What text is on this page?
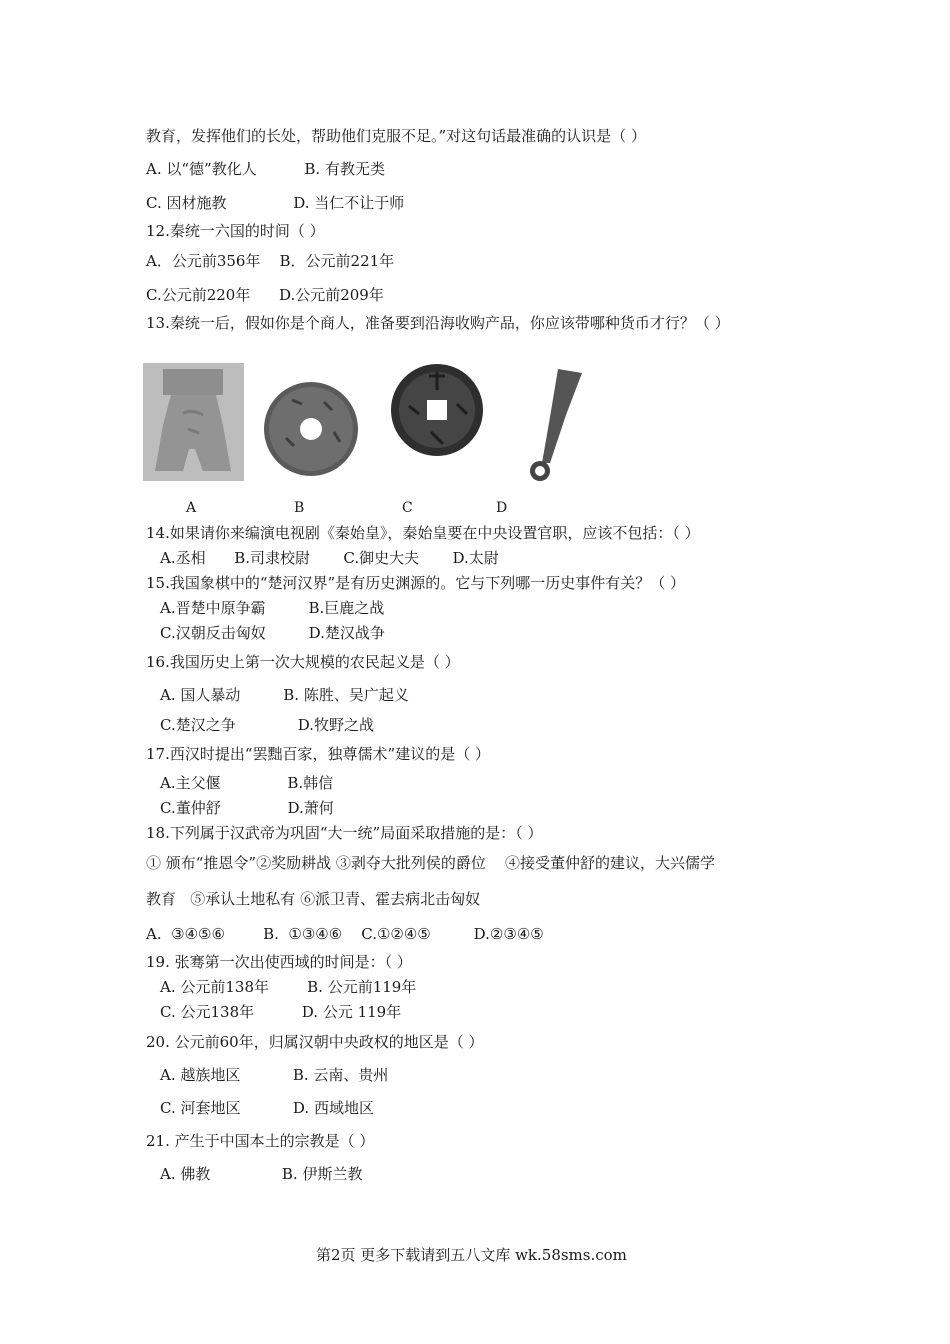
教育，发挥他们的长处，帮助他们克服不足。”对这句话最准确的认识是（ ）
A. 以“德”教化人          B. 有教无类
C. 因材施教              D. 当仁不让于师
12.秦统一六国的时间（ ）
A．公元前356年    B．公元前221年
C.公元前220年      D.公元前209年
13.秦统一后，假如你是个商人，准备要到沿海收购产品，你应该带哪种货币才行？（ ）
A	B	C	D
14.如果请你来编演电视剧《秦始皇》，秦始皇要在中央设置官职，应该不包括：（ ）
A.丞相      B.司隶校尉       C.御史大夫       D.太尉
15.我国象棋中的“楚河汉界”是有历史渊源的。它与下列哪一历史事件有关？（ ）
A.晋楚中原争霸         B.巨鹿之战
C.汉朝反击匈奴         D.楚汉战争
16.我国历史上第一次大规模的农民起义是（ ）
A. 国人暴动         B. 陈胜、吴广起义
C.楚汉之争             D.牧野之战
17.西汉时提出“罢黜百家，独尊儒术”建议的是（ ）
A.主父偃              B.韩信
C.董仲舒              D.萧何
18.下列属于汉武帝为巩固“大一统”局面采取措施的是：（ ）
① 颁布“推恩令”②奖励耕战 ③剥夺大批列侯的爵位    ④接受董仲舒的建议，大兴儒学
教育   ⑤承认土地私有 ⑥派卫青、霍去病北击匈奴
A.  ③④⑤⑥        B.  ①③④⑥    C.①②④⑤         D.②③④⑤
19. 张骞第一次出使西域的时间是：（ ）
A. 公元前138年        B. 公元前119年
C. 公元138年          D. 公元 119年
20. 公元前60年，归属汉朝中央政权的地区是（ ）
A. 越族地区           B. 云南、贵州
C. 河套地区           D. 西域地区
21. 产生于中国本土的宗教是（ ）
A. 佛教               B. 伊斯兰教
第2页 更多下载请到五八文库 wk.58sms.com
